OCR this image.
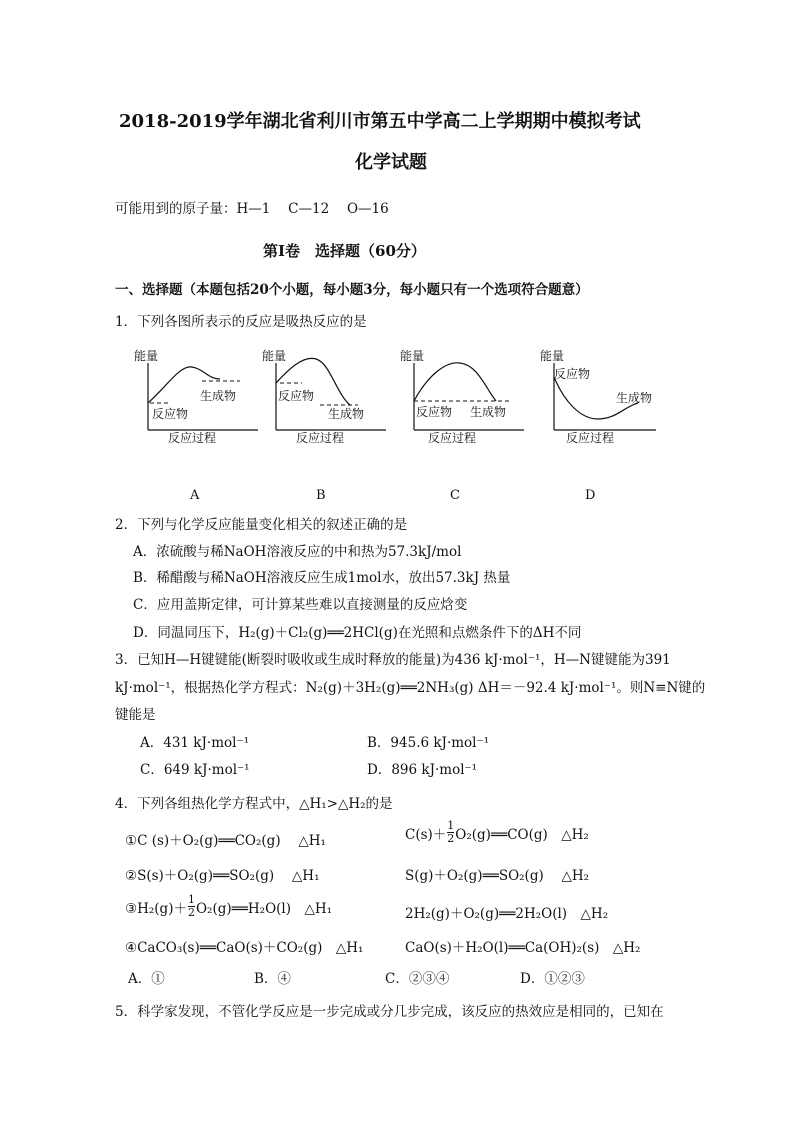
2018-2019学年湖北省利川市第五中学高二上学期期中模拟考试
化学试题
可能用到的原子量：H—1　 C—12　 O—16
第Ⅰ卷　选择题（60分）
一、选择题（本题包括20个小题，每小题3分，每小题只有一个选项符合题意）
1．下列各图所表示的反应是吸热反应的是
能量
生成物
反应物
反应过程
能量
反应物
生成物
反应过程
能量
反应物 生成物
反应过程
能量
反应物
生成物
反应过程
A	B	C	D
2．下列与化学反应能量变化相关的叙述正确的是
A．浓硫酸与稀NaOH溶液反应的中和热为57.3kJ/mol
B．稀醋酸与稀NaOH溶液反应生成1mol水，放出57.3kJ 热量
C．应用盖斯定律，可计算某些难以直接测量的反应焓变
D．同温同压下，H₂(g)＋Cl₂(g)══2HCl(g)在光照和点燃条件下的ΔH不同
3．已知H—H键键能(断裂时吸收或生成时释放的能量)为436 kJ·mol⁻¹，H—N键键能为391
kJ·mol⁻¹，根据热化学方程式：N₂(g)＋3H₂(g)══2NH₃(g) ΔH＝－92.4 kJ·mol⁻¹。则N≡N键的
键能是
A．431 kJ·mol⁻¹	B．945.6 kJ·mol⁻¹
C．649 kJ·mol⁻¹	D．896 kJ·mol⁻¹
4．下列各组热化学方程式中，△H₁>△H₂的是
①C (s)＋O₂(g)══CO₂(g)　 △H₁	$C(s)+ \frac{1}{2}$ O₂(g)══CO(g)　△H₂
②S(s)＋O₂(g)══SO₂(g)　 △H₁	S(g)＋O₂(g)══SO₂(g)　 △H₂
③H₂(g)＋ $\frac{1}{2}$ O₂(g)══H₂O(l)　△H₁	2H₂(g)＋O₂(g)══2H₂O(l)　△H₂
④CaCO₃(s)══CaO(s)＋CO₂(g)　△H₁	CaO(s)＋H₂O(l)══Ca(OH)₂(s)　△H₂
A．①	B．④	C．②③④	D．①②③
5．科学家发现，不管化学反应是一步完成或分几步完成，该反应的热效应是相同的，已知在
